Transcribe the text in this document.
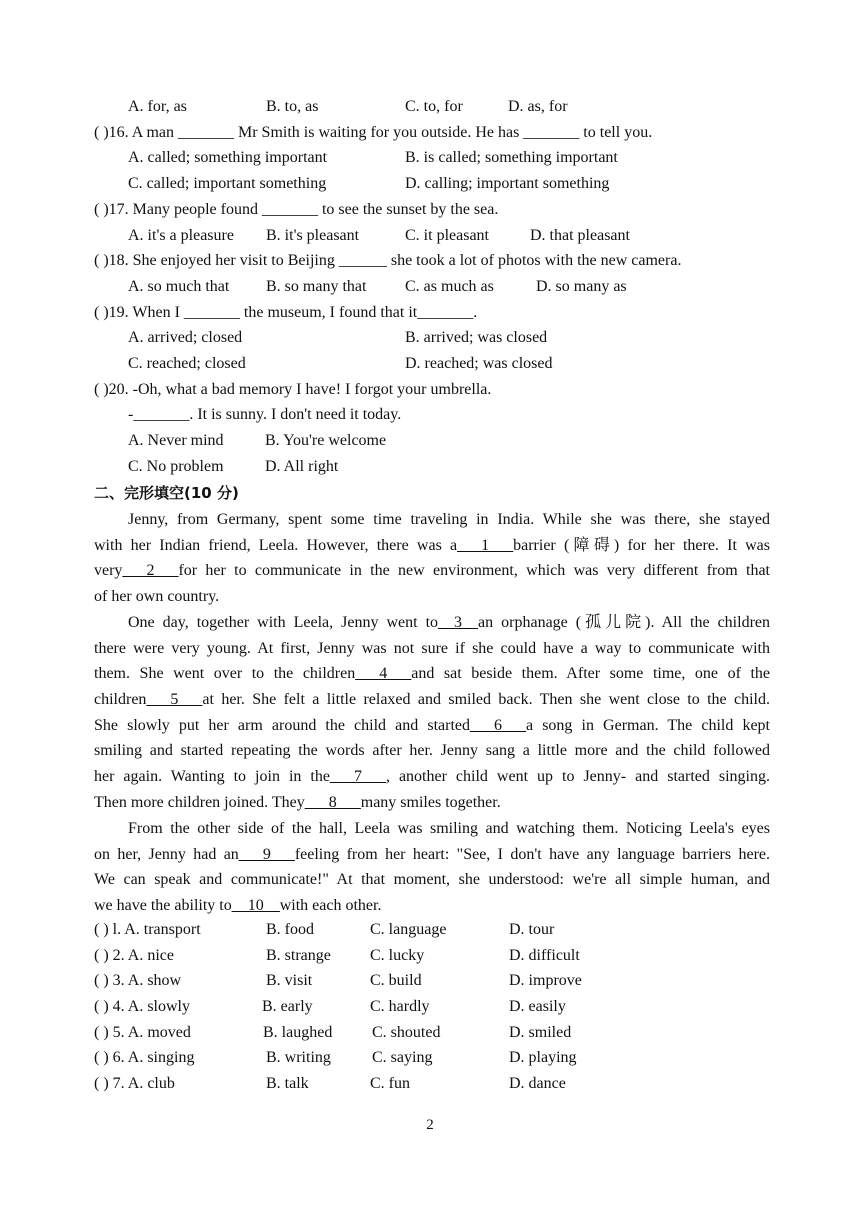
A. for, as	B. to, as	C. to, for	D. as, for
( )16. A man _______ Mr Smith is waiting for you outside. He has _______ to tell you.
A. called; something important	B. is called; something important
C. called; important something	D. calling; important something
( )17. Many people found _______ to see the sunset by the sea.
A. it's a pleasure B. it's pleasant	C. it pleasant	D. that pleasant
( )18. She enjoyed her visit to Beijing ______ she took a lot of photos with the new camera.
A. so much that B. so many that C. as much as	D. so many as
( )19. When I _______ the museum, I found that it_______.
A. arrived; closed	B. arrived; was closed
C. reached; closed	D. reached; was closed
( )20. -Oh, what a bad memory I have! I forgot your umbrella.
-_______. It is sunny. I don't need it today.
A. Never mind	B. You're welcome
C. No problem	D. All right
二、完形填空(10 分)
Jenny, from Germany, spent some time traveling in India. While she was there, she stayed
with her Indian friend, Leela. However, there was a___1___barrier (障碍) for her there. It was
very___2___for her to communicate in the new environment, which was very different from that
of her own country.
One day, together with Leela, Jenny went to__3__an orphanage (孤儿院). All the children
there were very young. At first, Jenny was not sure if she could have a way to communicate with
them. She went over to the children___4___and sat beside them. After some time, one of the
children___5___at her. She felt a little relaxed and smiled back. Then she went close to the child.
She slowly put her arm around the child and started___6___a song in German. The child kept
smiling and started repeating the words after her. Jenny sang a little more and the child followed
her again. Wanting to join in the___7___, another child went up to Jenny- and started singing.
Then more children joined. They___8___many smiles together.
From the other side of the hall, Leela was smiling and watching them. Noticing Leela's eyes
on her, Jenny had an___9___feeling from her heart: "See, I don't have any language barriers here.
We can speak and communicate!" At that moment, she understood: we're all simple human, and
we have the ability to__10__with each other.
( ) l. A. transport	B. food	C. language	D. tour
( ) 2. A. nice	B. strange C. lucky	D. difficult
( ) 3. A. show	B. visit	C. build	D. improve
( ) 4. A. slowly	B. early	C. hardly	D. easily
( ) 5. A. moved	B. laughed C. shouted	D. smiled
( ) 6. A. singing	B. writing	C. saying	D. playing
( ) 7. A. club	B. talk	C. fun	D. dance
2
